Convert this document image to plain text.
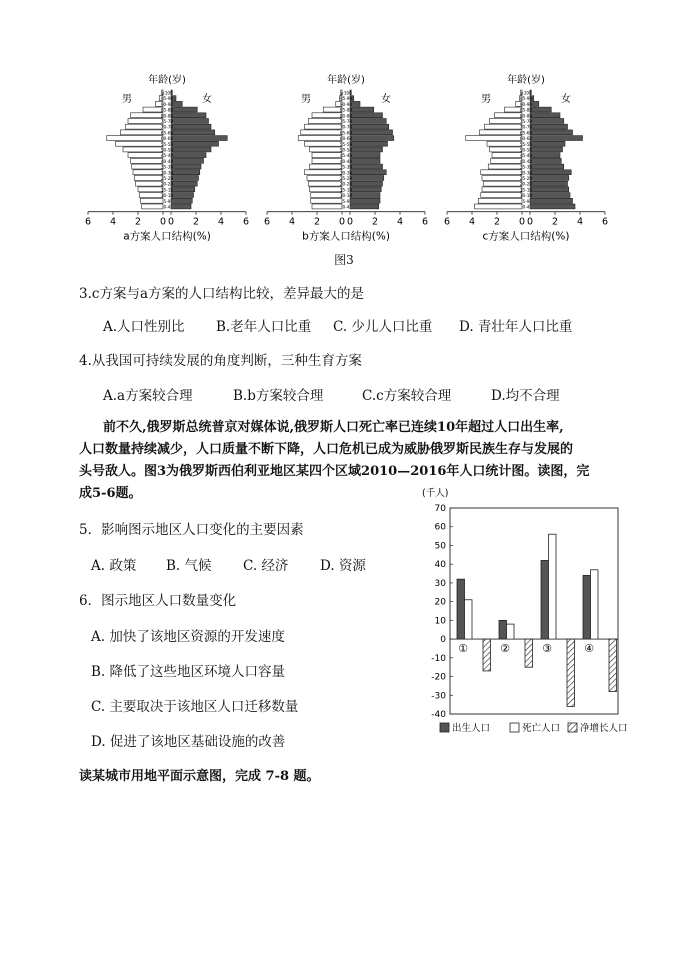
年龄(岁)
男	女
0-4
5-9
10-14
15-19
20-24
25-29
30-34
35-39
40-44
45-49
50-54
55-59
60-64
65-69
70-74
75-79
80-84
85-89
90-94
95-99
≥100
6 4 2 0 0 2 4 6
a方案人口结构(%)
年龄(岁)
男	女
0-4
5-9
10-14
15-19
20-24
25-29
30-34
35-39
40-44
45-49
50-54
55-59
60-64
65-69
70-74
75-79
80-84
85-89
90-94
95-99
≥100
6 4 2 0 0 2 4 6
b方案人口结构(%)
年龄(岁)
男	女
0-4
5-9
10-14
15-19
20-24
25-29
30-34
35-39
40-44
45-49
50-54
55-59
60-64
65-69
70-74
75-79
80-84
85-89
90-94
95-99
≥100
6 4 2 0 0 2 4 6
c方案人口结构(%)
图3
3.c方案与a方案的人口结构比较，差异最大的是
A.人口性别比 B.老年人口比重 C. 少儿人口比重 D. 青壮年人口比重
4.从我国可持续发展的角度判断，三种生育方案
A.a方案较合理	B.b方案较合理	C.c方案较合理	D.均不合理
前不久,俄罗斯总统普京对媒体说,俄罗斯人口死亡率已连续10年超过人口出生率,
人口数量持续减少，人口质量不断下降，人口危机已成为威胁俄罗斯民族生存与发展的
头号敌人。图3为俄罗斯西伯利亚地区某四个区域2010—2016年人口统计图。读图，完
成5-6题。
5．影响图示地区人口变化的主要因素
A. 政策 B. 气候 C. 经济 D. 资源
6．图示地区人口数量变化
A. 加快了该地区资源的开发速度
B. 降低了这些地区环境人口容量
C. 主要取决于该地区人口迁移数量
D. 促进了该地区基础设施的改善
读某城市用地平面示意图，完成 7-8 题。
(千人)
70
60
50
40
30
20
10
0
-10
-20
-30
-40
①	②	③	④
出生人口	死亡人口 净增长人口
